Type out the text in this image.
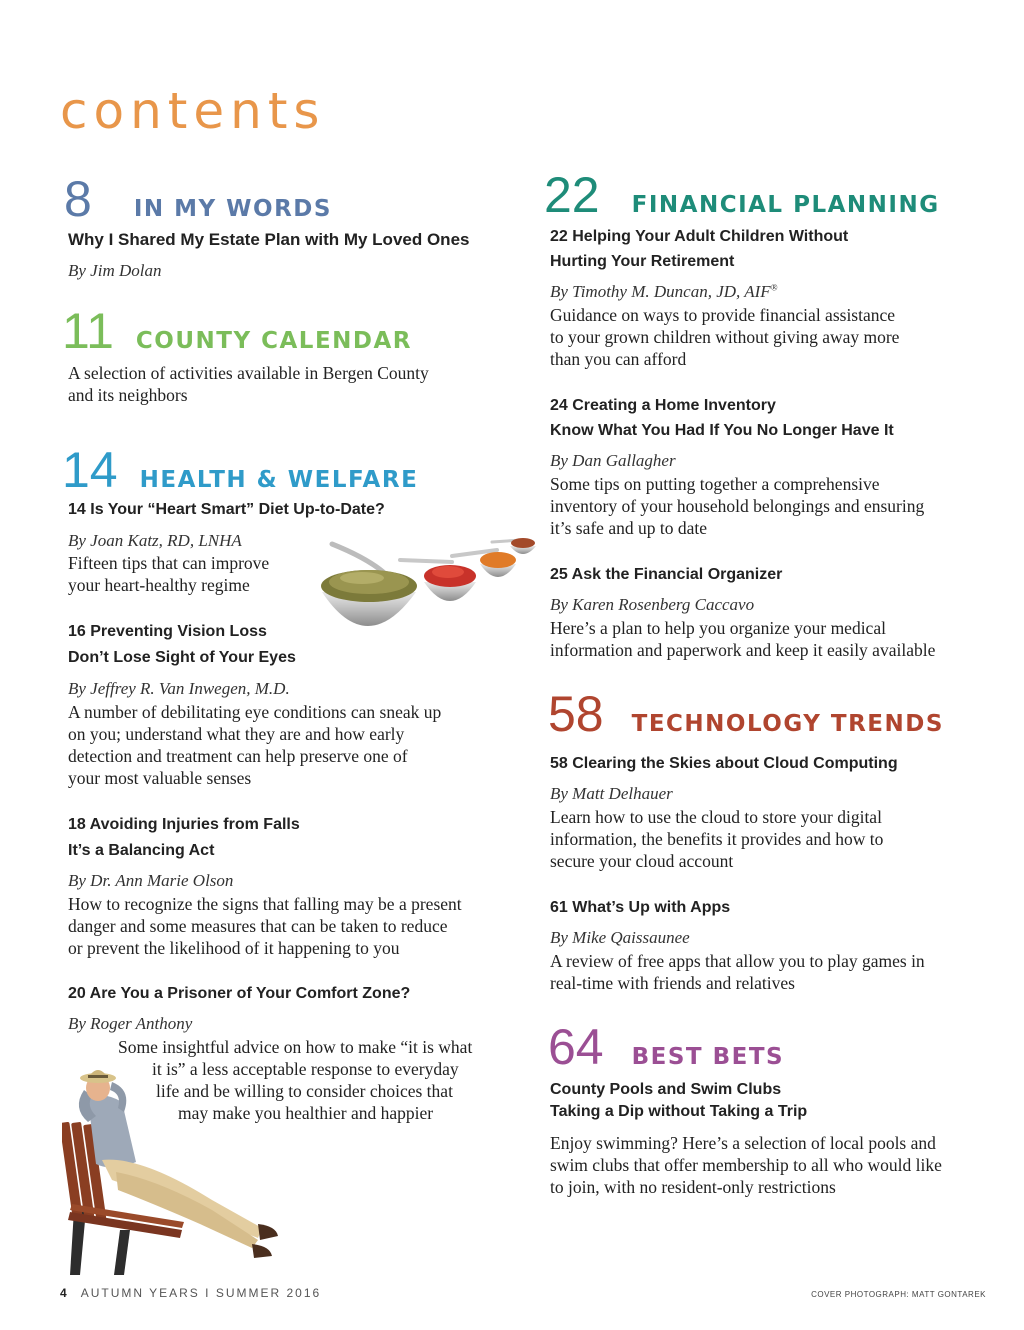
contents
8 IN MY WORDS
Why I Shared My Estate Plan with My Loved Ones
By Jim Dolan
11 COUNTY CALENDAR
A selection of activities available in Bergen County
and its neighbors
14 HEALTH & WELFARE
14 Is Your “Heart Smart” Diet Up-to-Date?
By Joan Katz, RD, LNHA
Fifteen tips that can improve
your heart-healthy regime
16 Preventing Vision Loss
Don’t Lose Sight of Your Eyes
By Jeffrey R. Van Inwegen, M.D.
A number of debilitating eye conditions can sneak up
on you; understand what they are and how early
detection and treatment can help preserve one of
your most valuable senses
18 Avoiding Injuries from Falls
It’s a Balancing Act
By Dr. Ann Marie Olson
How to recognize the signs that falling may be a present
danger and some measures that can be taken to reduce
or prevent the likelihood of it happening to you
20 Are You a Prisoner of Your Comfort Zone?
By Roger Anthony
Some insightful advice on how to make “it is what
it is” a less acceptable response to everyday
life and be willing to consider choices that
may make you healthier and happier
22 FINANCIAL PLANNING
22 Helping Your Adult Children Without
Hurting Your Retirement
By Timothy M. Duncan, JD, AIF®
Guidance on ways to provide financial assistance
to your grown children without giving away more
than you can afford
24 Creating a Home Inventory
Know What You Had If You No Longer Have It
By Dan Gallagher
Some tips on putting together a comprehensive
inventory of your household belongings and ensuring
it’s safe and up to date
25 Ask the Financial Organizer
By Karen Rosenberg Caccavo
Here’s a plan to help you organize your medical
information and paperwork and keep it easily available
58 TECHNOLOGY TRENDS
58 Clearing the Skies about Cloud Computing
By Matt Delhauer
Learn how to use the cloud to store your digital
information, the benefits it provides and how to
secure your cloud account
61 What’s Up with Apps
By Mike Qaissaunee
A review of free apps that allow you to play games in
real-time with friends and relatives
64 BEST BETS
County Pools and Swim Clubs
Taking a Dip without Taking a Trip
Enjoy swimming? Here’s a selection of local pools and
swim clubs that offer membership to all who would like
to join, with no resident-only restrictions
4 AUTUMN YEARS I SUMMER 2016	COVER PHOTOGRAPH: MATT GONTAREK
